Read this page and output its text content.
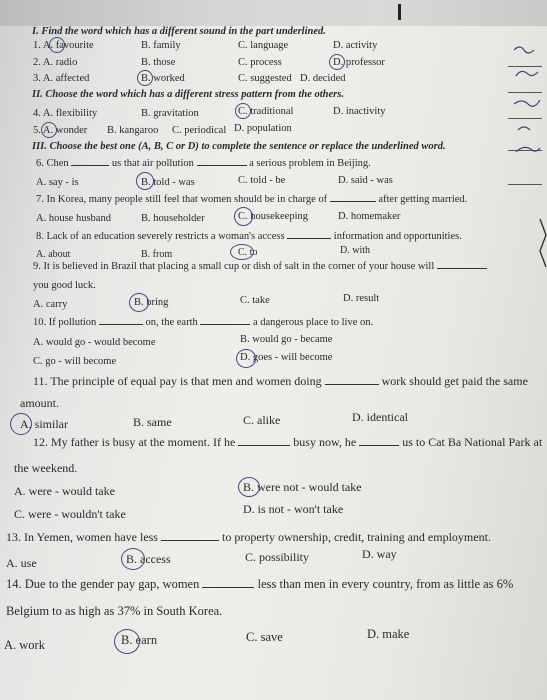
I. Find the word which has a different sound in the part underlined.
1. A. favourite	B. family	C. language	D. activity
2. A. radio	B. those	C. process	D. professor
3. A. affected	B. worked	C. suggested D. decided
II. Choose the word which has a different stress pattern from the others.
4. A. flexibility	B. gravitation	C. traditional	D. inactivity
5. A. wonder B. kangaroo C. periodical D. population
III. Choose the best one (A, B, C or D) to complete the sentence or replace the underlined word.
6. Chen	us that air pollution	a serious problem in Beijing.
A. say - is	B. told - was	C. told - be	D. said - was
7. In Korea, many people still feel that women should be in charge of	after getting married.
A. house husband	B. householder	C. housekeeping	D. homemaker
8. Lack of an education severely restricts a woman's access	information and opportunities.
A. about	B. from	C. to	D. with
9. It is believed in Brazil that placing a small cup or dish of salt in the corner of your house will
you good luck.
A. carry	B. bring	C. take	D. result
10. If pollution	on, the earth	a dangerous place to live on.
A. would go - would become	B. would go - became
C. go - will become	D. goes - will become
11. The principle of equal pay is that men and women doing	work should get paid the same
amount.
A. similar	B. same	C. alike	D. identical
12. My father is busy at the moment. If he	busy now, he	us to Cat Ba National Park at
the weekend.
A. were - would take	B. were not - would take
C. were - wouldn't take	D. is not - won't take
13. In Yemen, women have less	to property ownership, credit, training and employment.
A. use	B. access	C. possibility	D. way
14. Due to the gender pay gap, women	less than men in every country, from as little as 6%
Belgium to as high as 37% in South Korea.
A. work	B. earn	C. save	D. make
